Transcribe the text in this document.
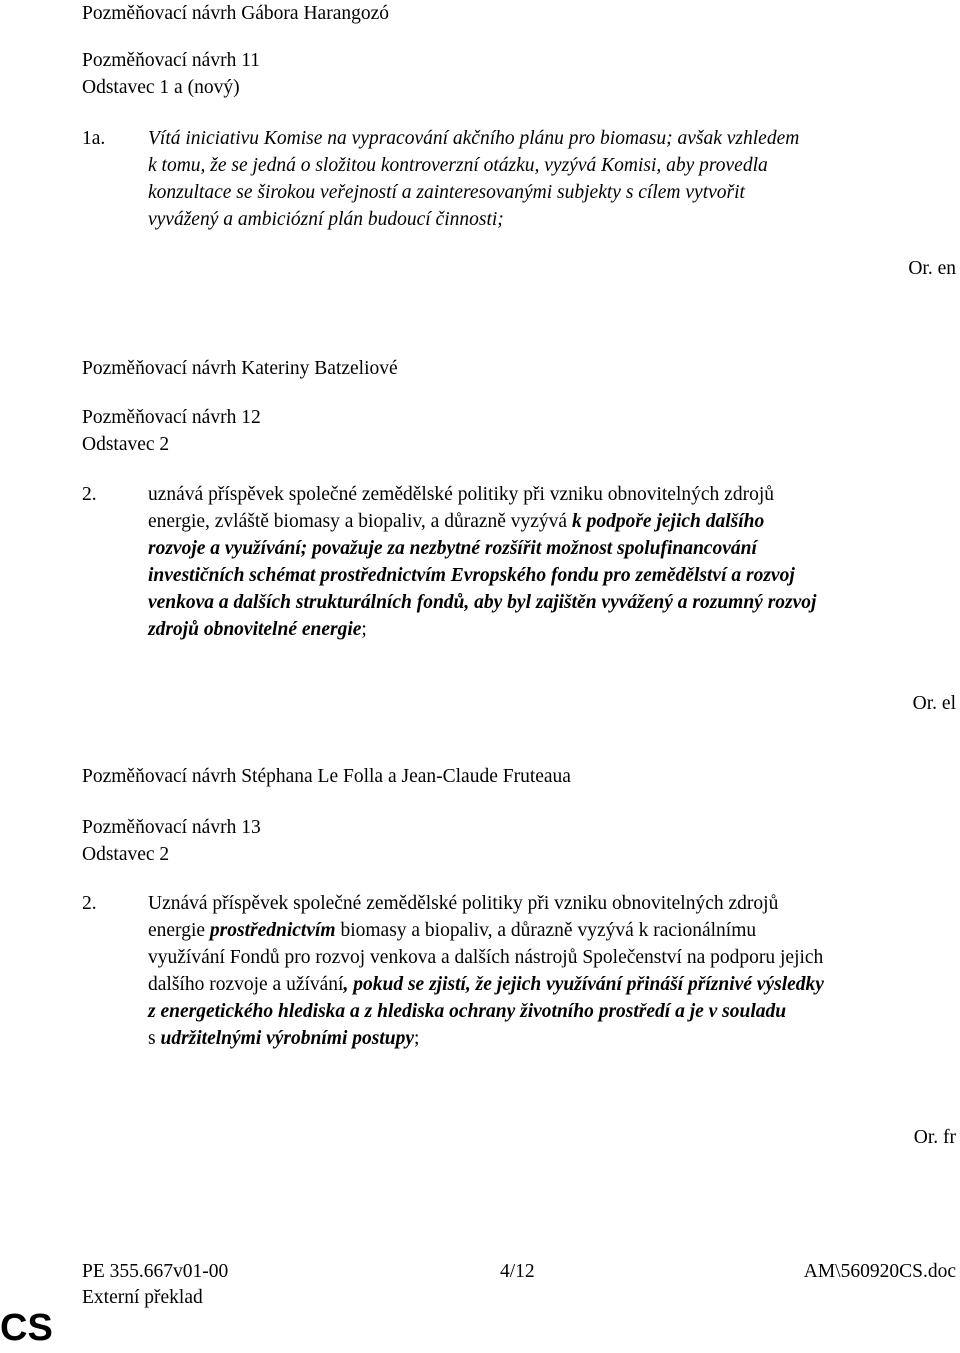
Pozměňovací návrh Gábora Harangozó
Pozměňovací návrh 11
Odstavec 1 a (nový)
1a. Vítá iniciativu Komise na vypracování akčního plánu pro biomasu; avšak vzhledem
k tomu, že se jedná o složitou kontroverzní otázku, vyzývá Komisi, aby provedla
konzultace se širokou veřejností a zainteresovanými subjekty s cílem vytvořit
vyvážený a ambiciózní plán budoucí činnosti;
Or. en
Pozměňovací návrh Kateriny Batzeliové
Pozměňovací návrh 12
Odstavec 2
2.	uznává příspěvek společné zemědělské politiky při vzniku obnovitelných zdrojů
energie, zvláště biomasy a biopaliv, a důrazně vyzývá k podpoře jejich dalšího
rozvoje a využívání; považuje za nezbytné rozšířit možnost spolufinancování
investičních schémat prostřednictvím Evropského fondu pro zemědělství a rozvoj
venkova a dalších strukturálních fondů, aby byl zajištěn vyvážený a rozumný rozvoj
zdrojů obnovitelné energie;
Or. el
Pozměňovací návrh Stéphana Le Folla a Jean-Claude Fruteaua
Pozměňovací návrh 13
Odstavec 2
2.	Uznává příspěvek společné zemědělské politiky při vzniku obnovitelných zdrojů
energie prostřednictvím biomasy a biopaliv, a důrazně vyzývá k racionálnímu
využívání Fondů pro rozvoj venkova a dalších nástrojů Společenství na podporu jejich
dalšího rozvoje a užívání, pokud se zjistí, že jejich využívání přináší příznivé výsledky
z energetického hlediska a z hlediska ochrany životního prostředí a je v souladu
s udržitelnými výrobními postupy;
Or. fr
PE 355.667v01-00	4/12	AM\560920CS.doc
Externí překlad
CS
